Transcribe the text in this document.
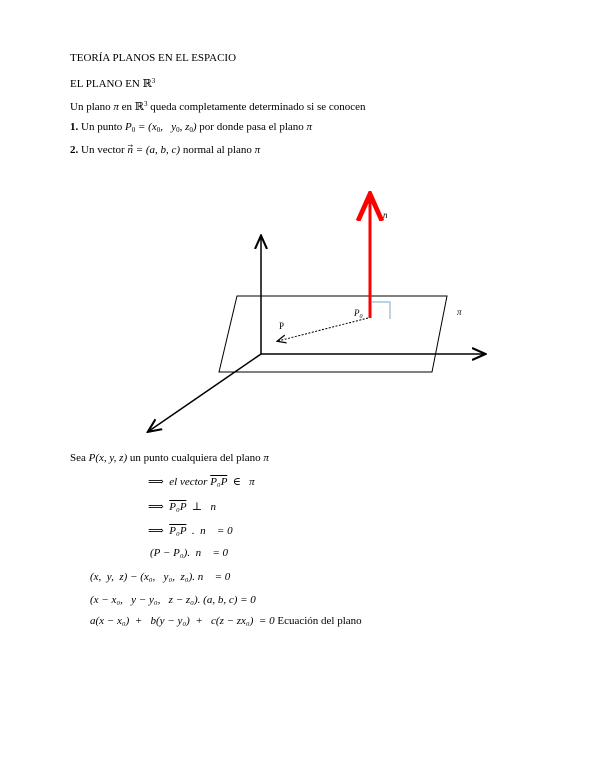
TEORÍA PLANOS EN EL ESPACIO
EL PLANO EN ℝ$^3$
Un plano π en ℝ$^3$ queda completamente determinado si se conocen
1. Un punto $P_0 = (x_0$,   $y_0$, $z_0$) por donde pasa el plano π
2. Un vector n = (a, b, c) normal al plano π
n⃗
$P_0$
P
π
Sea P(x, y, z) un punto cualquiera del plano π
⟹  el vector P₀P  ∈   π
⟹  P₀P  ⊥   n⃗
⟹  P₀P  .  n⃗ = 0
(P − P₀).  n⃗ = 0
(x,  y,  z) − (x₀,   y₀,  z₀). n⃗ = 0
(x − x₀,   y − y₀,   z − z₀). (a, b, c) = 0
a(x − x₀)  +   b(y − y₀)  +   c(z − zx₀)  = 0 Ecuación del plano
